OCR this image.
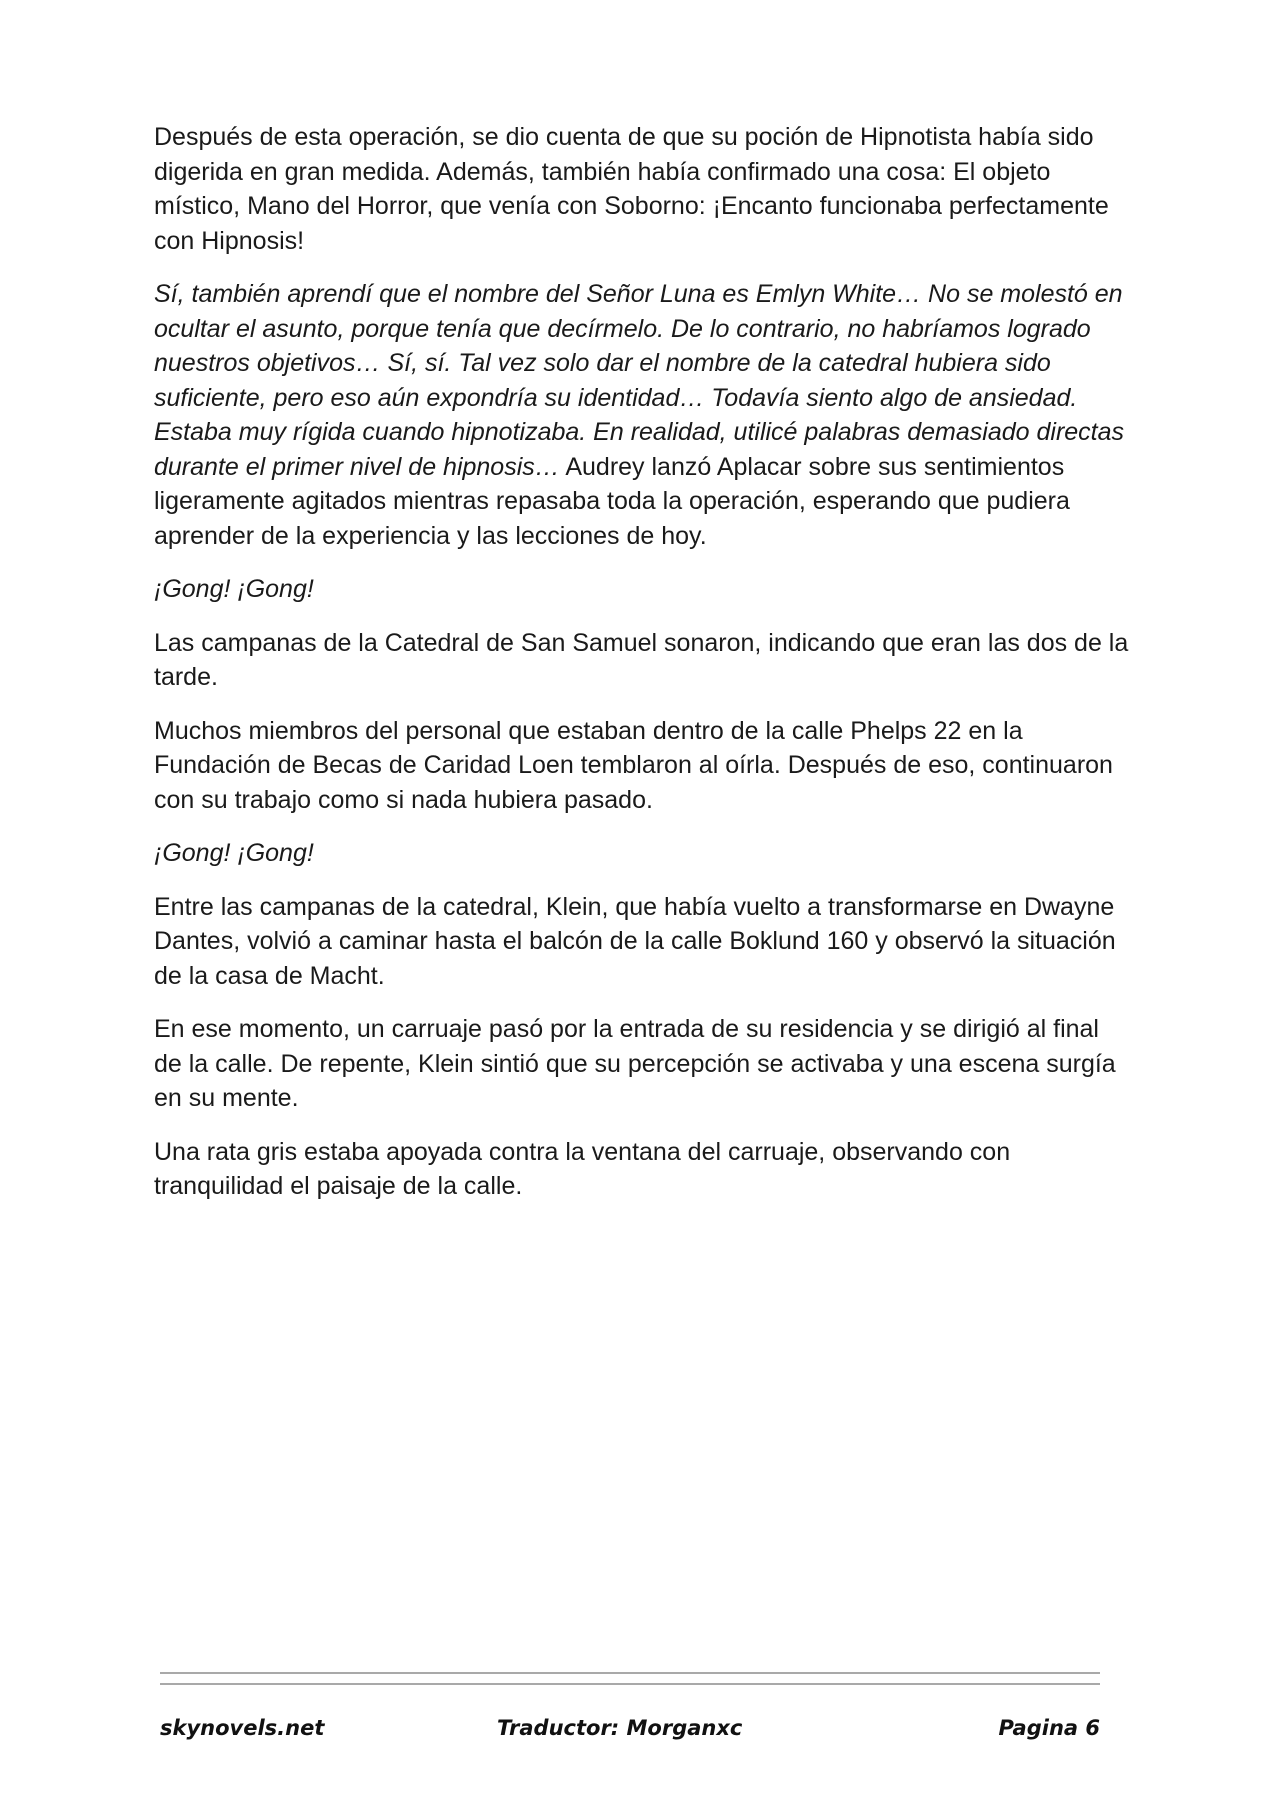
Después de esta operación, se dio cuenta de que su poción de Hipnotista había sido digerida en gran medida. Además, también había confirmado una cosa: El objeto místico, Mano del Horror, que venía con Soborno: ¡Encanto funcionaba perfectamente con Hipnosis!

Sí, también aprendí que el nombre del Señor Luna es Emlyn White… No se molestó en ocultar el asunto, porque tenía que decírmelo. De lo contrario, no habríamos logrado nuestros objetivos… Sí, sí. Tal vez solo dar el nombre de la catedral hubiera sido suficiente, pero eso aún expondría su identidad… Todavía siento algo de ansiedad. Estaba muy rígida cuando hipnotizaba. En realidad, utilicé palabras demasiado directas durante el primer nivel de hipnosis… Audrey lanzó Aplacar sobre sus sentimientos ligeramente agitados mientras repasaba toda la operación, esperando que pudiera aprender de la experiencia y las lecciones de hoy.

¡Gong! ¡Gong!

Las campanas de la Catedral de San Samuel sonaron, indicando que eran las dos de la tarde.

Muchos miembros del personal que estaban dentro de la calle Phelps 22 en la Fundación de Becas de Caridad Loen temblaron al oírla. Después de eso, continuaron con su trabajo como si nada hubiera pasado.

¡Gong! ¡Gong!

Entre las campanas de la catedral, Klein, que había vuelto a transformarse en Dwayne Dantes, volvió a caminar hasta el balcón de la calle Boklund 160 y observó la situación de la casa de Macht.

En ese momento, un carruaje pasó por la entrada de su residencia y se dirigió al final de la calle. De repente, Klein sintió que su percepción se activaba y una escena surgía en su mente.

Una rata gris estaba apoyada contra la ventana del carruaje, observando con tranquilidad el paisaje de la calle.

skynovels.net	Traductor: Morganxc	Pagina 6
